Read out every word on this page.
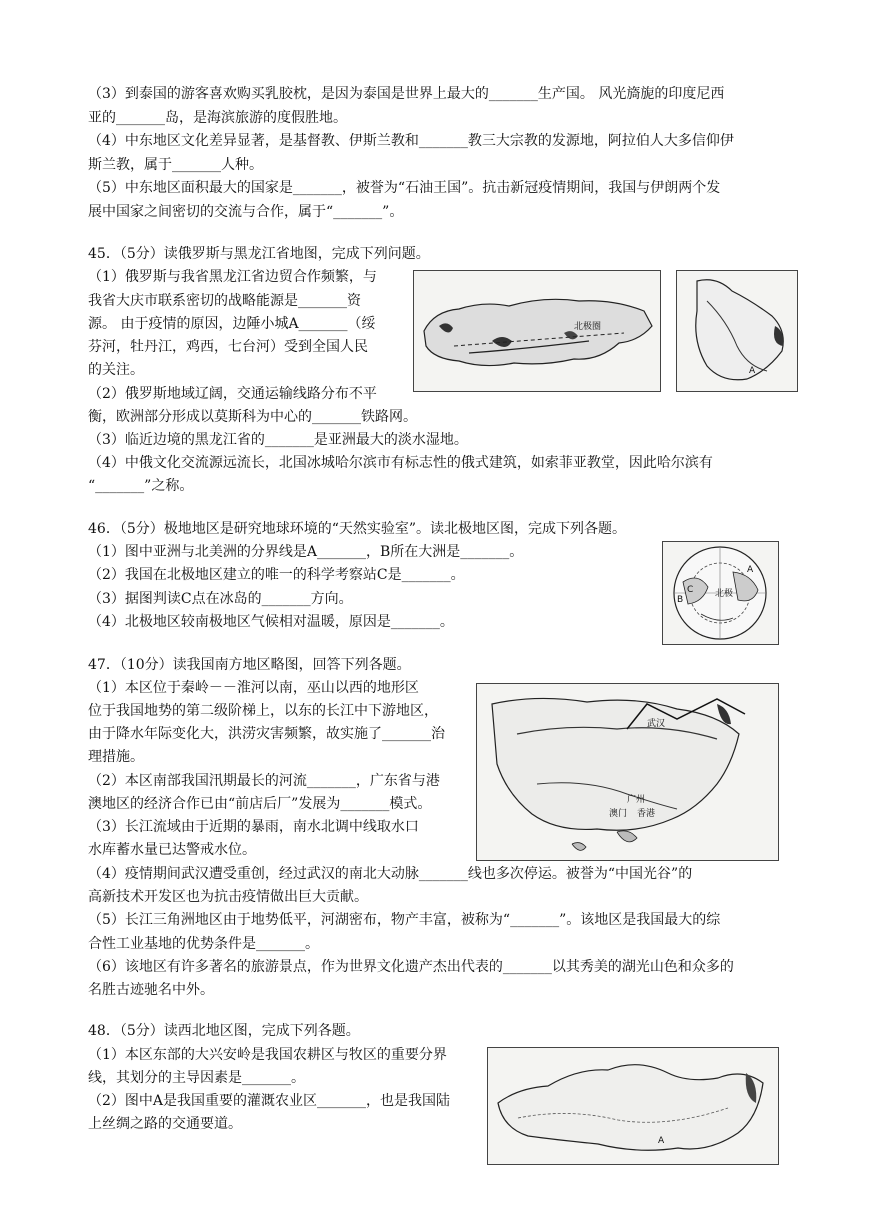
（3）到泰国的游客喜欢购买乳胶枕，是因为泰国是世界上最大的_______生产国。 风光旖旎的印度尼西
亚的_______岛，是海滨旅游的度假胜地。
（4）中东地区文化差异显著，是基督教、伊斯兰教和_______教三大宗教的发源地，阿拉伯人大多信仰伊
斯兰教，属于_______人种。
（5）中东地区面积最大的国家是_______，被誉为“石油王国”。抗击新冠疫情期间，我国与伊朗两个发
展中国家之间密切的交流与合作，属于“_______”。
45．（5分）读俄罗斯与黑龙江省地图，完成下列问题。
（1）俄罗斯与我省黑龙江省边贸合作频繁，与
我省大庆市联系密切的战略能源是_______资
源。 由于疫情的原因，边陲小城A_______（绥
芬河，牡丹江，鸡西，七台河）受到全国人民
的关注。
（2）俄罗斯地域辽阔，交通运输线路分布不平
衡，欧洲部分形成以莫斯科为中心的_______铁路网。
（3）临近边境的黑龙江省的_______是亚洲最大的淡水湿地。
（4）中俄文化交流源远流长，北国冰城哈尔滨市有标志性的俄式建筑，如索菲亚教堂，因此哈尔滨有
“_______”之称。
北极圈
A
46．（5分）极地地区是研究地球环境的“天然实验室”。读北极地区图，完成下列各题。
（1）图中亚洲与北美洲的分界线是A_______，B所在大洲是_______。
（2）我国在北极地区建立的唯一的科学考察站C是_______。
（3）据图判读C点在冰岛的_______方向。
（4）北极地区较南极地区气候相对温暖，原因是_______。
北极
A
B
C
47．（10分）读我国南方地区略图，回答下列各题。
（1）本区位于秦岭－－淮河以南，巫山以西的地形区
位于我国地势的第二级阶梯上，以东的长江中下游地区，
由于降水年际变化大，洪涝灾害频繁，故实施了_______治
理措施。
（2）本区南部我国汛期最长的河流_______，广东省与港
澳地区的经济合作已由“前店后厂”发展为_______模式。
（3）长江流域由于近期的暴雨，南水北调中线取水口
水库蓄水量已达警戒水位。
（4）疫情期间武汉遭受重创，经过武汉的南北大动脉_______线也多次停运。被誉为“中国光谷”的
高新技术开发区也为抗击疫情做出巨大贡献。
（5）长江三角洲地区由于地势低平，河湖密布，物产丰富，被称为“_______”。该地区是我国最大的综
合性工业基地的优势条件是_______。
（6）该地区有许多著名的旅游景点，作为世界文化遗产杰出代表的_______以其秀美的湖光山色和众多的
名胜古迹驰名中外。
武汉
广州
香港
澳门
48．（5分）读西北地区图，完成下列各题。
（1）本区东部的大兴安岭是我国农耕区与牧区的重要分界
线，其划分的主导因素是_______。
（2）图中A是我国重要的灌溉农业区_______，也是我国陆
上丝绸之路的交通要道。
A
